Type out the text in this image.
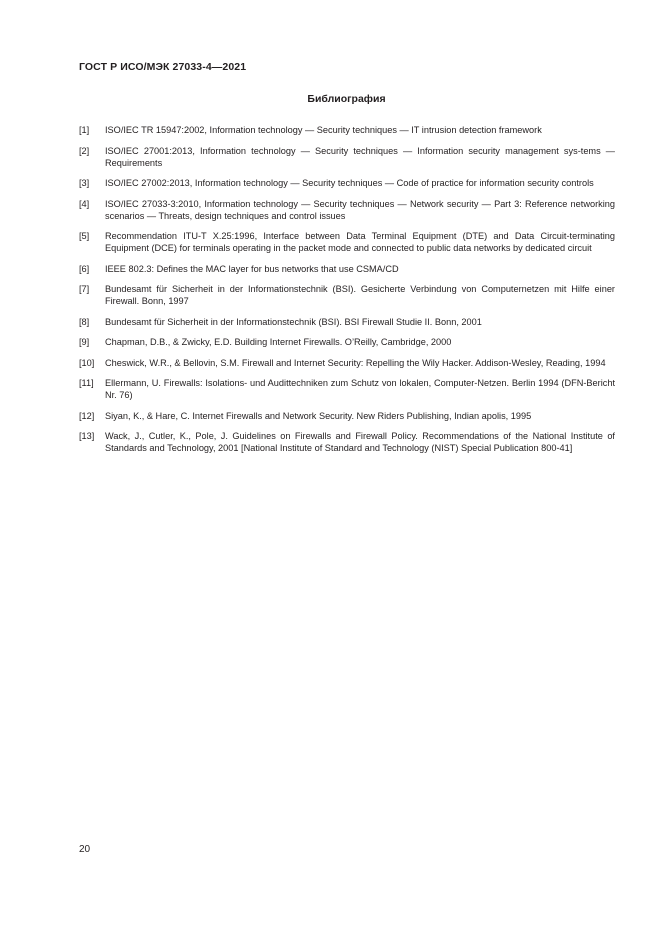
ГОСТ Р ИСО/МЭК 27033-4—2021
Библиография
[1]	ISO/IEC TR 15947:2002, Information technology — Security techniques — IT intrusion detection framework
[2]	ISO/IEC 27001:2013, Information technology — Security techniques — Information security management sys-tems — Requirements
[3]	ISO/IEC 27002:2013, Information technology — Security techniques — Code of practice for information security controls
[4]	ISO/IEC 27033-3:2010, Information technology — Security techniques — Network security — Part 3: Reference networking scenarios — Threats, design techniques and control issues
[5]	Recommendation ITU-T X.25:1996, Interface between Data Terminal Equipment (DTE) and Data Circuit-terminating Equipment (DCE) for terminals operating in the packet mode and connected to public data networks by dedicated circuit
[6]	IEEE 802.3: Defines the MAC layer for bus networks that use CSMA/CD
[7]	Bundesamt für Sicherheit in der Informationstechnik (BSI). Gesicherte Verbindung von Computernetzen mit Hilfe einer Firewall. Bonn, 1997
[8]	Bundesamt für Sicherheit in der Informationstechnik (BSI). BSI Firewall Studie II. Bonn, 2001
[9]	Chapman, D.B., & Zwicky, E.D. Building Internet Firewalls. O’Reilly, Cambridge, 2000
[10]	Cheswick, W.R., & Bellovin, S.M. Firewall and Internet Security: Repelling the Wily Hacker. Addison-Wesley, Reading, 1994
[11]	Ellermann, U. Firewalls: Isolations- und Audittechniken zum Schutz von lokalen, Computer-Netzen. Berlin 1994 (DFN-Bericht Nr. 76)
[12]	Siyan, K., & Hare, C. Internet Firewalls and Network Security. New Riders Publishing, Indian apolis, 1995
[13]	Wack, J., Cutler, K., Pole, J. Guidelines on Firewalls and Firewall Policy. Recommendations of the National Institute of Standards and Technology, 2001 [National Institute of Standard and Technology (NIST) Special Publication 800-41]
20
